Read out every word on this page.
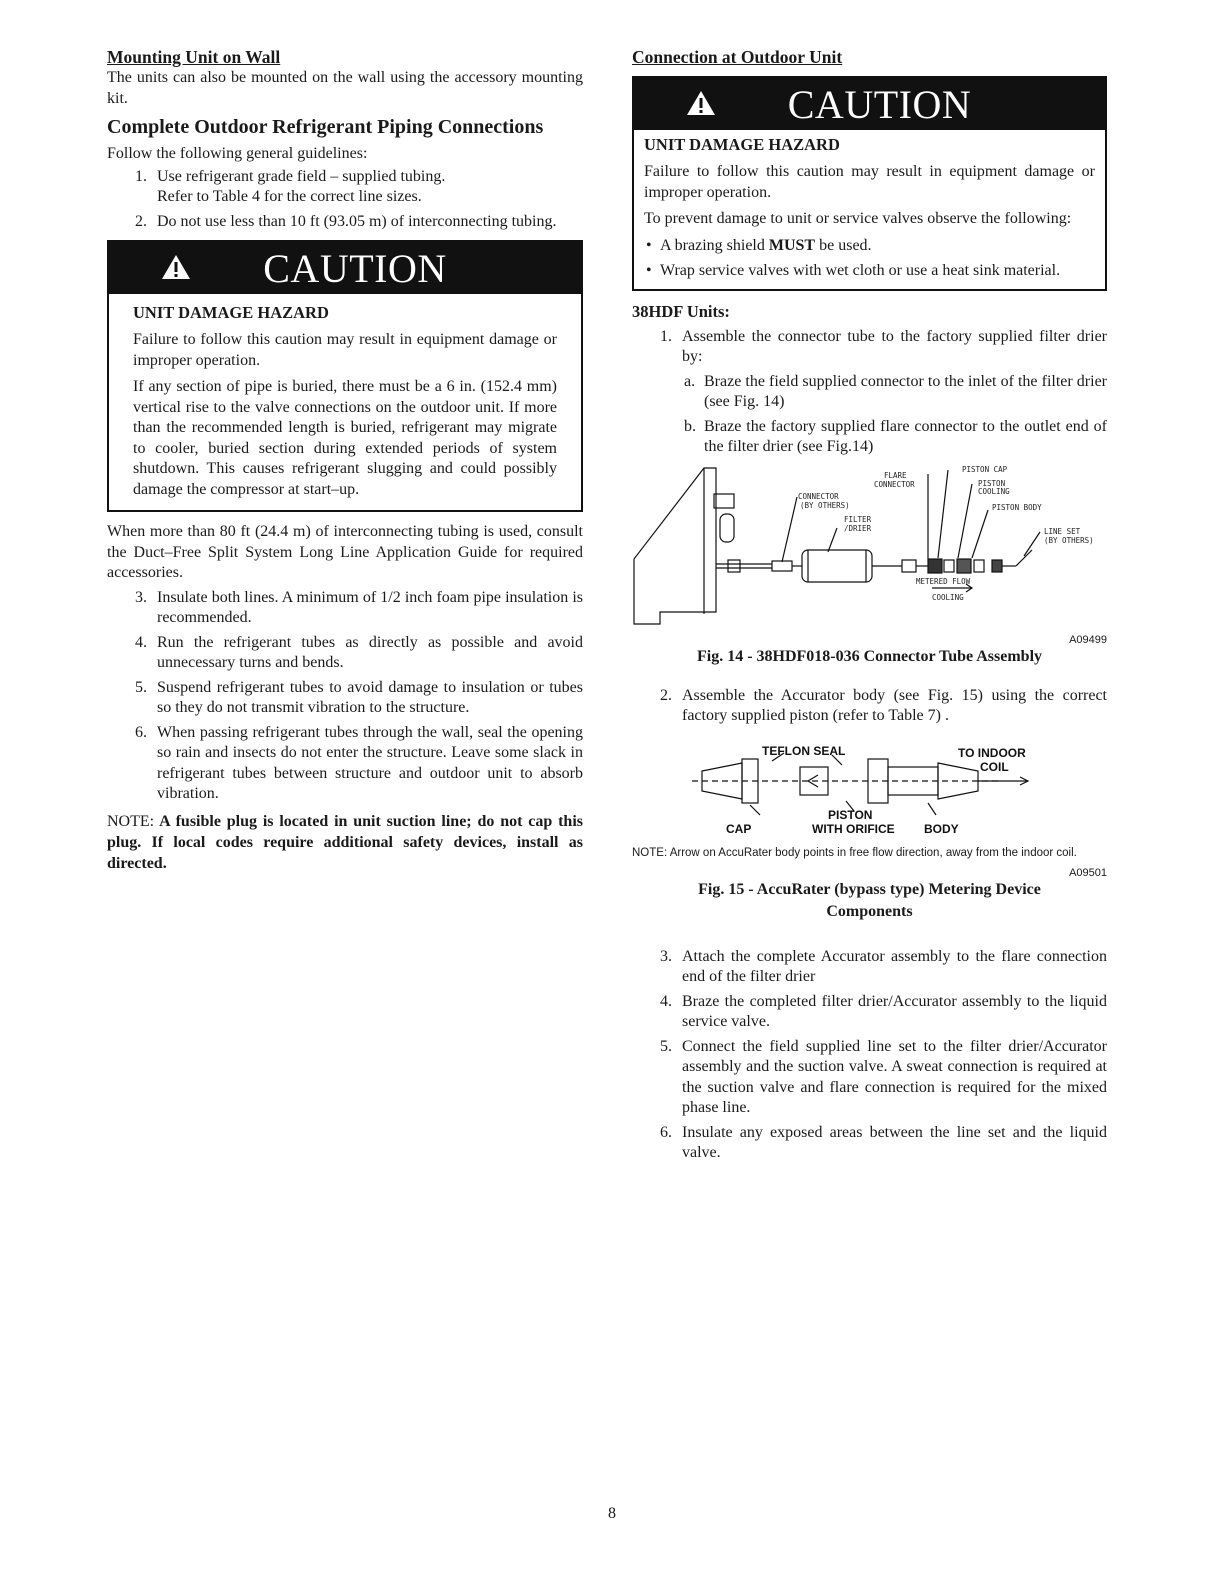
Mounting Unit on Wall

The units can also be mounted on the wall using the accessory mounting kit.

Complete Outdoor Refrigerant Piping Connections

Follow the following general guidelines:

1. Use refrigerant grade field – supplied tubing.
Refer to Table 4 for the correct line sizes.
2. Do not use less than 10 ft (93.05 m) of interconnecting tubing.
CAUTION

UNIT DAMAGE HAZARD

Failure to follow this caution may result in equipment damage or improper operation.

If any section of pipe is buried, there must be a 6 in. (152.4 mm) vertical rise to the valve connections on the outdoor unit. If more than the recommended length is buried, refrigerant may migrate to cooler, buried section during extended periods of system shutdown. This causes refrigerant slugging and could possibly damage the compressor at start–up.

When more than 80 ft (24.4 m) of interconnecting tubing is used, consult the Duct–Free Split System Long Line Application Guide for required accessories.

3. Insulate both lines. A minimum of 1/2 inch foam pipe insulation is recommended.
4. Run the refrigerant tubes as directly as possible and avoid unnecessary turns and bends.
5. Suspend refrigerant tubes to avoid damage to insulation or tubes so they do not transmit vibration to the structure.
6. When passing refrigerant tubes through the wall, seal the opening so rain and insects do not enter the structure. Leave some slack in refrigerant tubes between structure and outdoor unit to absorb vibration.

NOTE: A fusible plug is located in unit suction line; do not cap this plug. If local codes require additional safety devices, install as directed.

Connection at Outdoor Unit

CAUTION

UNIT DAMAGE HAZARD

Failure to follow this caution may result in equipment damage or improper operation.

To prevent damage to unit or service valves observe the following:

• A brazing shield MUST be used.
• Wrap service valves with wet cloth or use a heat sink material.

38HDF Units:

1. Assemble the connector tube to the factory supplied filter drier by:
a. Braze the field supplied connector to the inlet of the filter drier (see Fig. 14)
b. Braze the factory supplied flare connector to the outlet end of the filter drier (see Fig.14)
FLARE
CONNECTOR
CONNECTOR
(BY OTHERS)
FILTER
/DRIER
PISTON CAP
PISTON
COOLING
PISTON BODY
LINE SET
(BY OTHERS)
METERED FLOW
COOLING

A09499

Fig. 14 - 38HDF018-036 Connector Tube Assembly

2. Assemble the Accurator body (see Fig. 15) using the correct factory supplied piston (refer to Table 7) .
TEFLON SEAL	TO INDOOR
COIL
PISTON
WITH ORIFICE
CAP	BODY

NOTE: Arrow on AccuRater body points in free flow direction, away from the indoor coil.

A09501

Fig. 15 - AccuRater (bypass type) Metering Device

Components

3. Attach the complete Accurator assembly to the flare connection end of the filter drier
4. Braze the completed filter drier/Accurator assembly to the liquid service valve.
5. Connect the field supplied line set to the filter drier/Accurator assembly and the suction valve. A sweat connection is required at the suction valve and flare connection is required for the mixed phase line.
6. Insulate any exposed areas between the line set and the liquid valve.
8
